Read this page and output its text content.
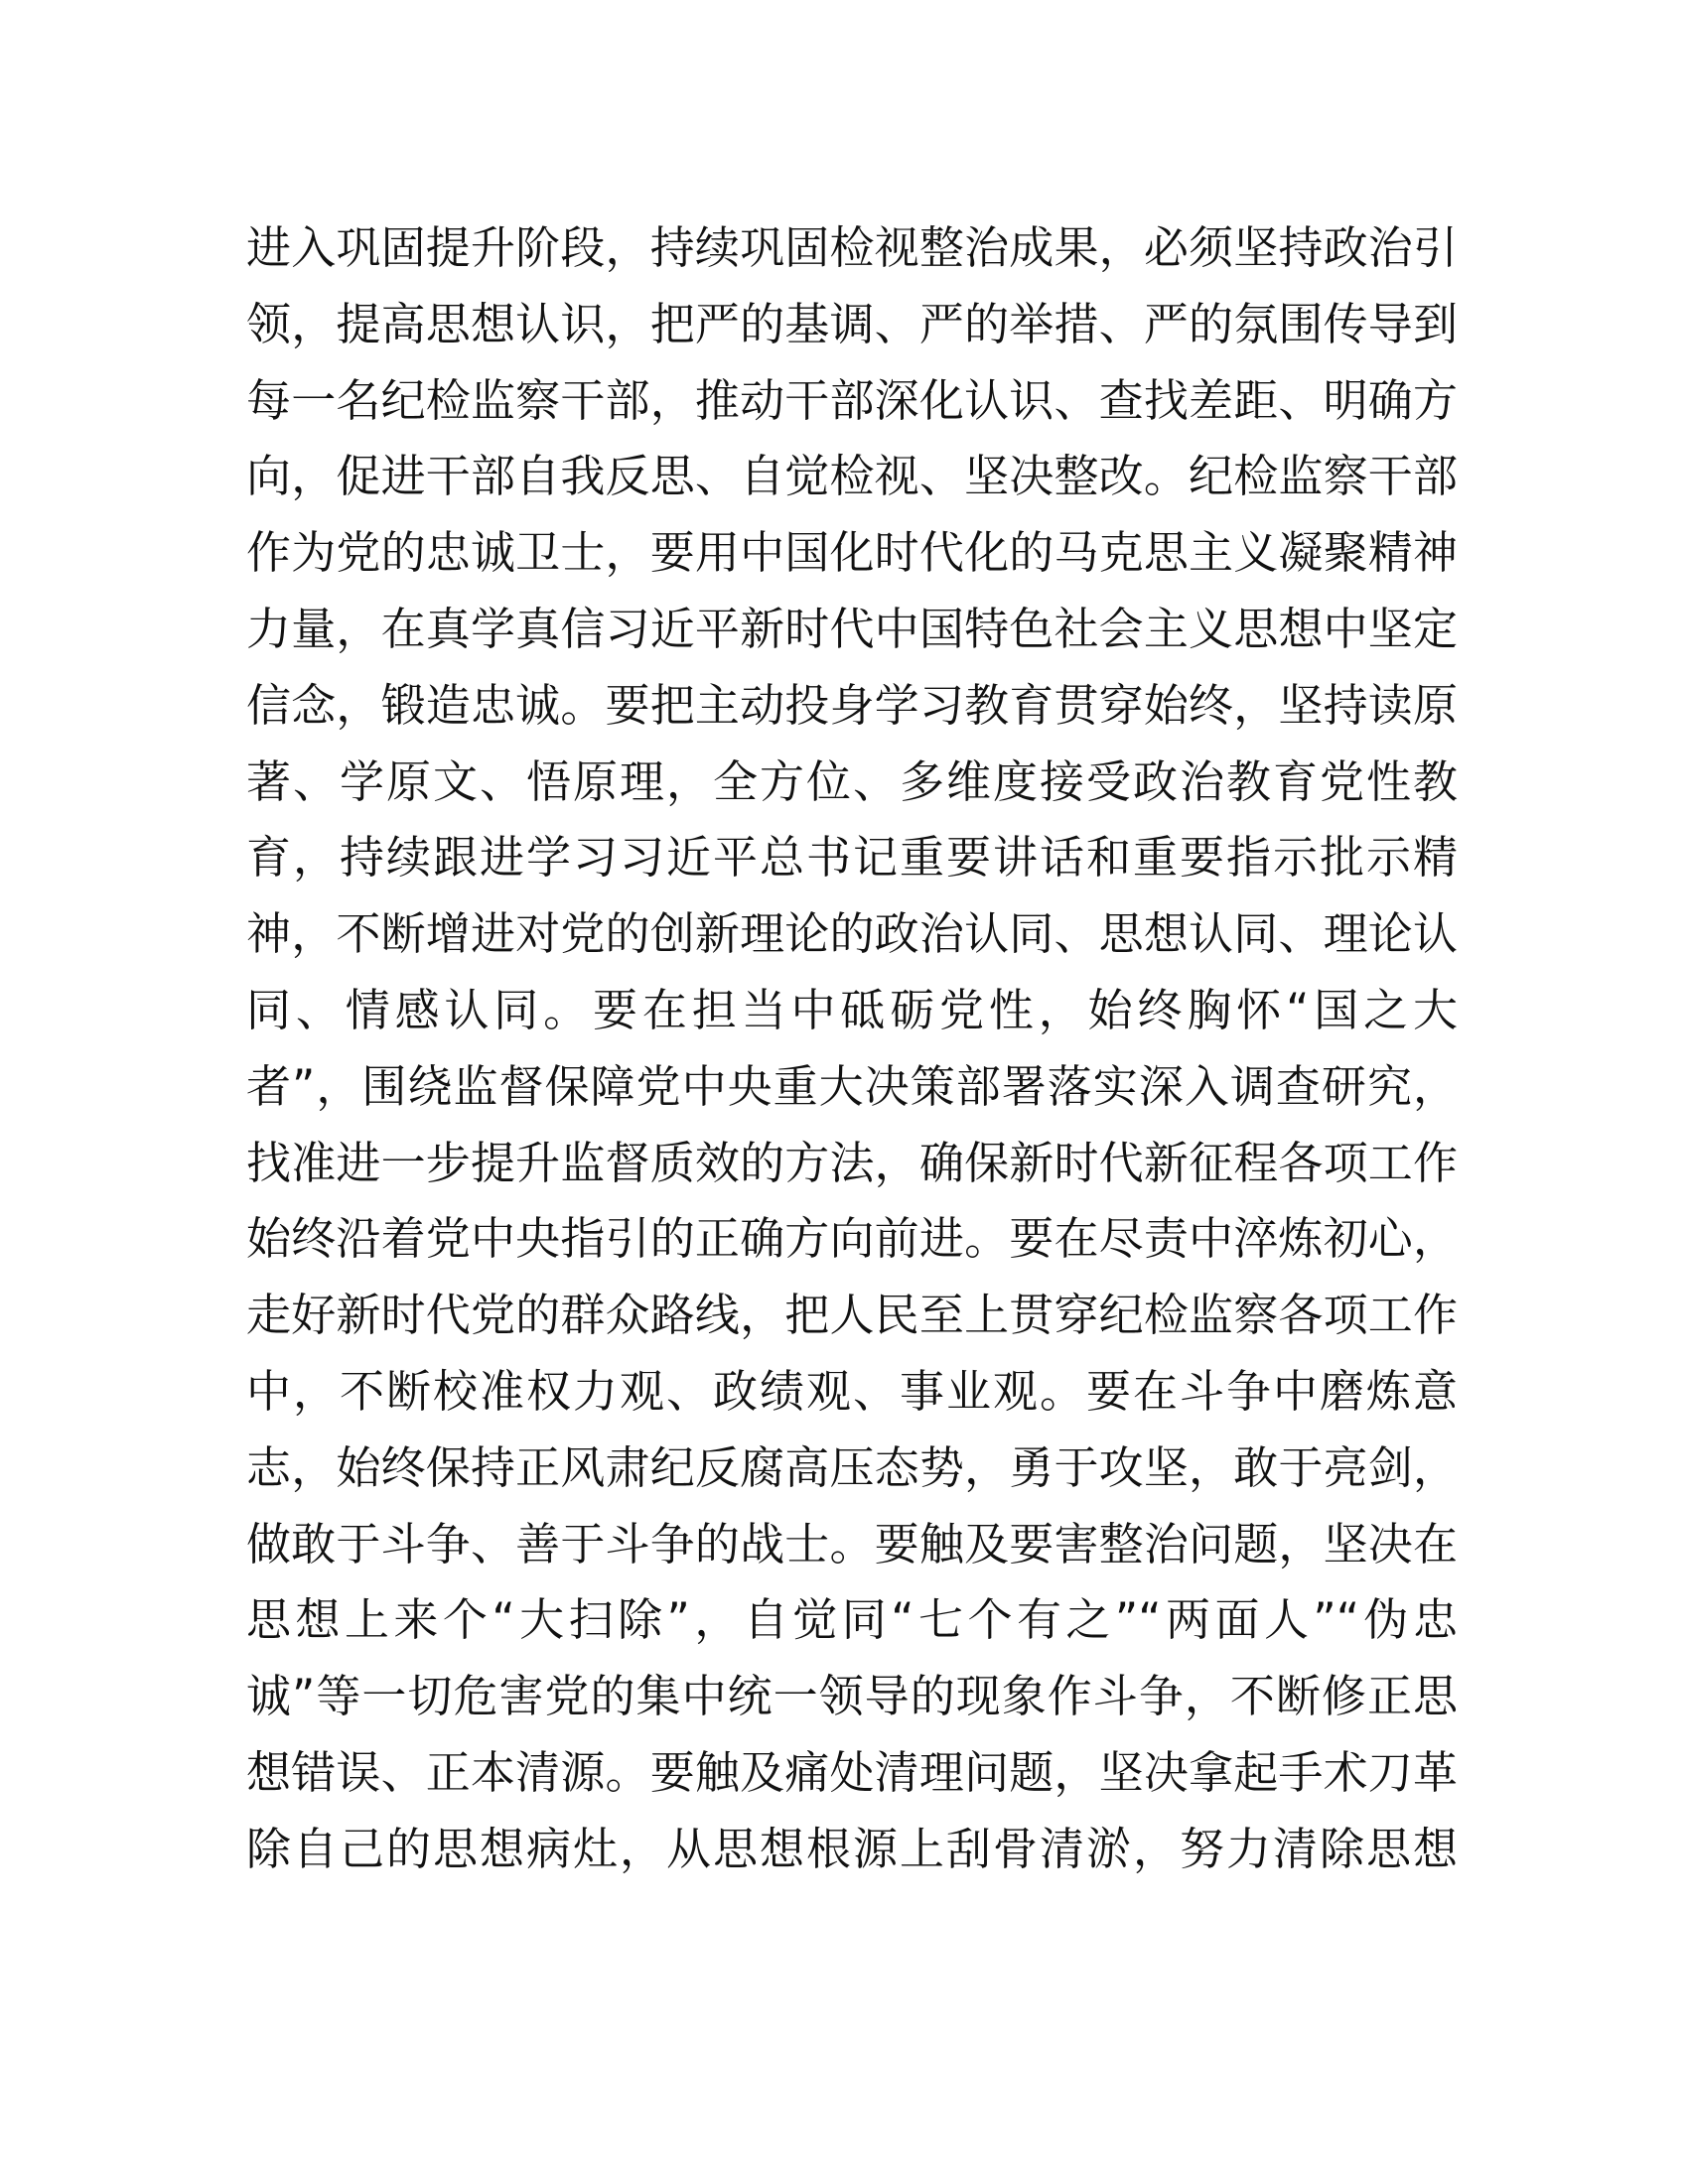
进入巩固提升阶段，持续巩固检视整治成果，必须坚持政治引
领，提高思想认识，把严的基调、严的举措、严的氛围传导到
每一名纪检监察干部，推动干部深化认识、查找差距、明确方
向，促进干部自我反思、自觉检视、坚决整改。纪检监察干部
作为党的忠诚卫士，要用中国化时代化的马克思主义凝聚精神
力量，在真学真信习近平新时代中国特色社会主义思想中坚定
信念，锻造忠诚。要把主动投身学习教育贯穿始终，坚持读原
著、学原文、悟原理，全方位、多维度接受政治教育党性教
育，持续跟进学习习近平总书记重要讲话和重要指示批示精
神，不断增进对党的创新理论的政治认同、思想认同、理论认
同、情感认同。要在担当中砥砺党性，始终胸怀“国之大
者”，围绕监督保障党中央重大决策部署落实深入调查研究，
找准进一步提升监督质效的方法，确保新时代新征程各项工作
始终沿着党中央指引的正确方向前进。要在尽责中淬炼初心，
走好新时代党的群众路线，把人民至上贯穿纪检监察各项工作
中，不断校准权力观、政绩观、事业观。要在斗争中磨炼意
志，始终保持正风肃纪反腐高压态势，勇于攻坚，敢于亮剑，
做敢于斗争、善于斗争的战士。要触及要害整治问题，坚决在
思想上来个“大扫除”，自觉同“七个有之”“两面人”“伪忠
诚”等一切危害党的集中统一领导的现象作斗争，不断修正思
想错误、正本清源。要触及痛处清理问题，坚决拿起手术刀革
除自己的思想病灶，从思想根源上刮骨清淤，努力清除思想
